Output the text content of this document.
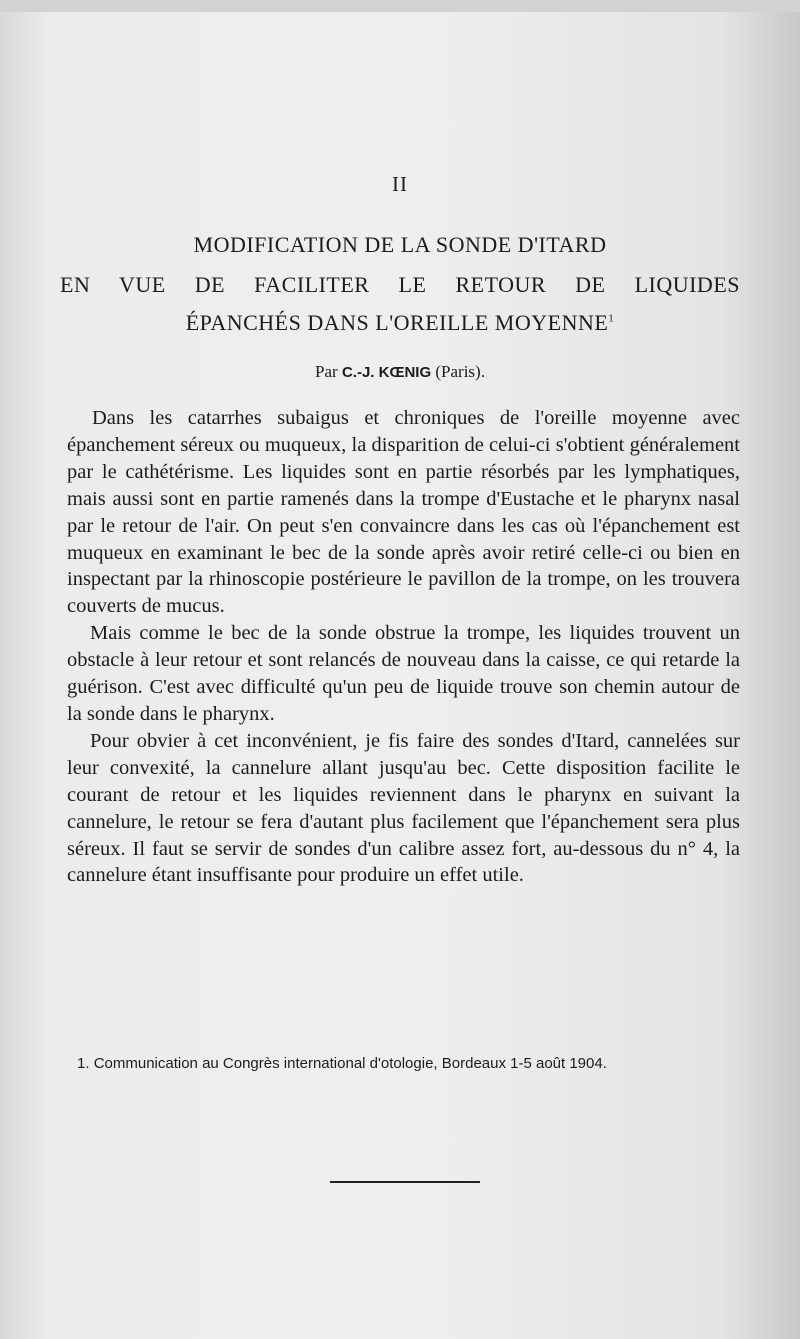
II
MODIFICATION DE LA SONDE D'ITARD
EN VUE DE FACILITER LE RETOUR DE LIQUIDES
ÉPANCHÉS DANS L'OREILLE MOYENNE$^1$
Par C.-J. KŒNIG (Paris).

Dans les catarrhes subaigus et chroniques de l'oreille moyenne avec épanchement séreux ou muqueux, la disparition de celui-ci s'obtient généralement par le cathétérisme. Les liquides sont en partie résorbés par les lymphatiques, mais aussi sont en partie ramenés dans la trompe d'Eustache et le pharynx nasal par le retour de l'air. On peut s'en convaincre dans les cas où l'épanchement est muqueux en examinant le bec de la sonde après avoir retiré celle-ci ou bien en inspectant par la rhinoscopie postérieure le pavillon de la trompe, on les trouvera couverts de mucus.

Mais comme le bec de la sonde obstrue la trompe, les liquides trouvent un obstacle à leur retour et sont relancés de nouveau dans la caisse, ce qui retarde la guérison. C'est avec difficulté qu'un peu de liquide trouve son chemin autour de la sonde dans le pharynx.

Pour obvier à cet inconvénient, je fis faire des sondes d'Itard, cannelées sur leur convexité, la cannelure allant jusqu'au bec. Cette disposition facilite le courant de retour et les liquides reviennent dans le pharynx en suivant la cannelure, le retour se fera d'autant plus facilement que l'épanchement sera plus séreux. Il faut se servir de sondes d'un calibre assez fort, au-dessous du n° 4, la cannelure étant insuffisante pour produire un effet utile.

1. Communication au Congrès international d'otologie, Bordeaux 1-5 août 1904.
